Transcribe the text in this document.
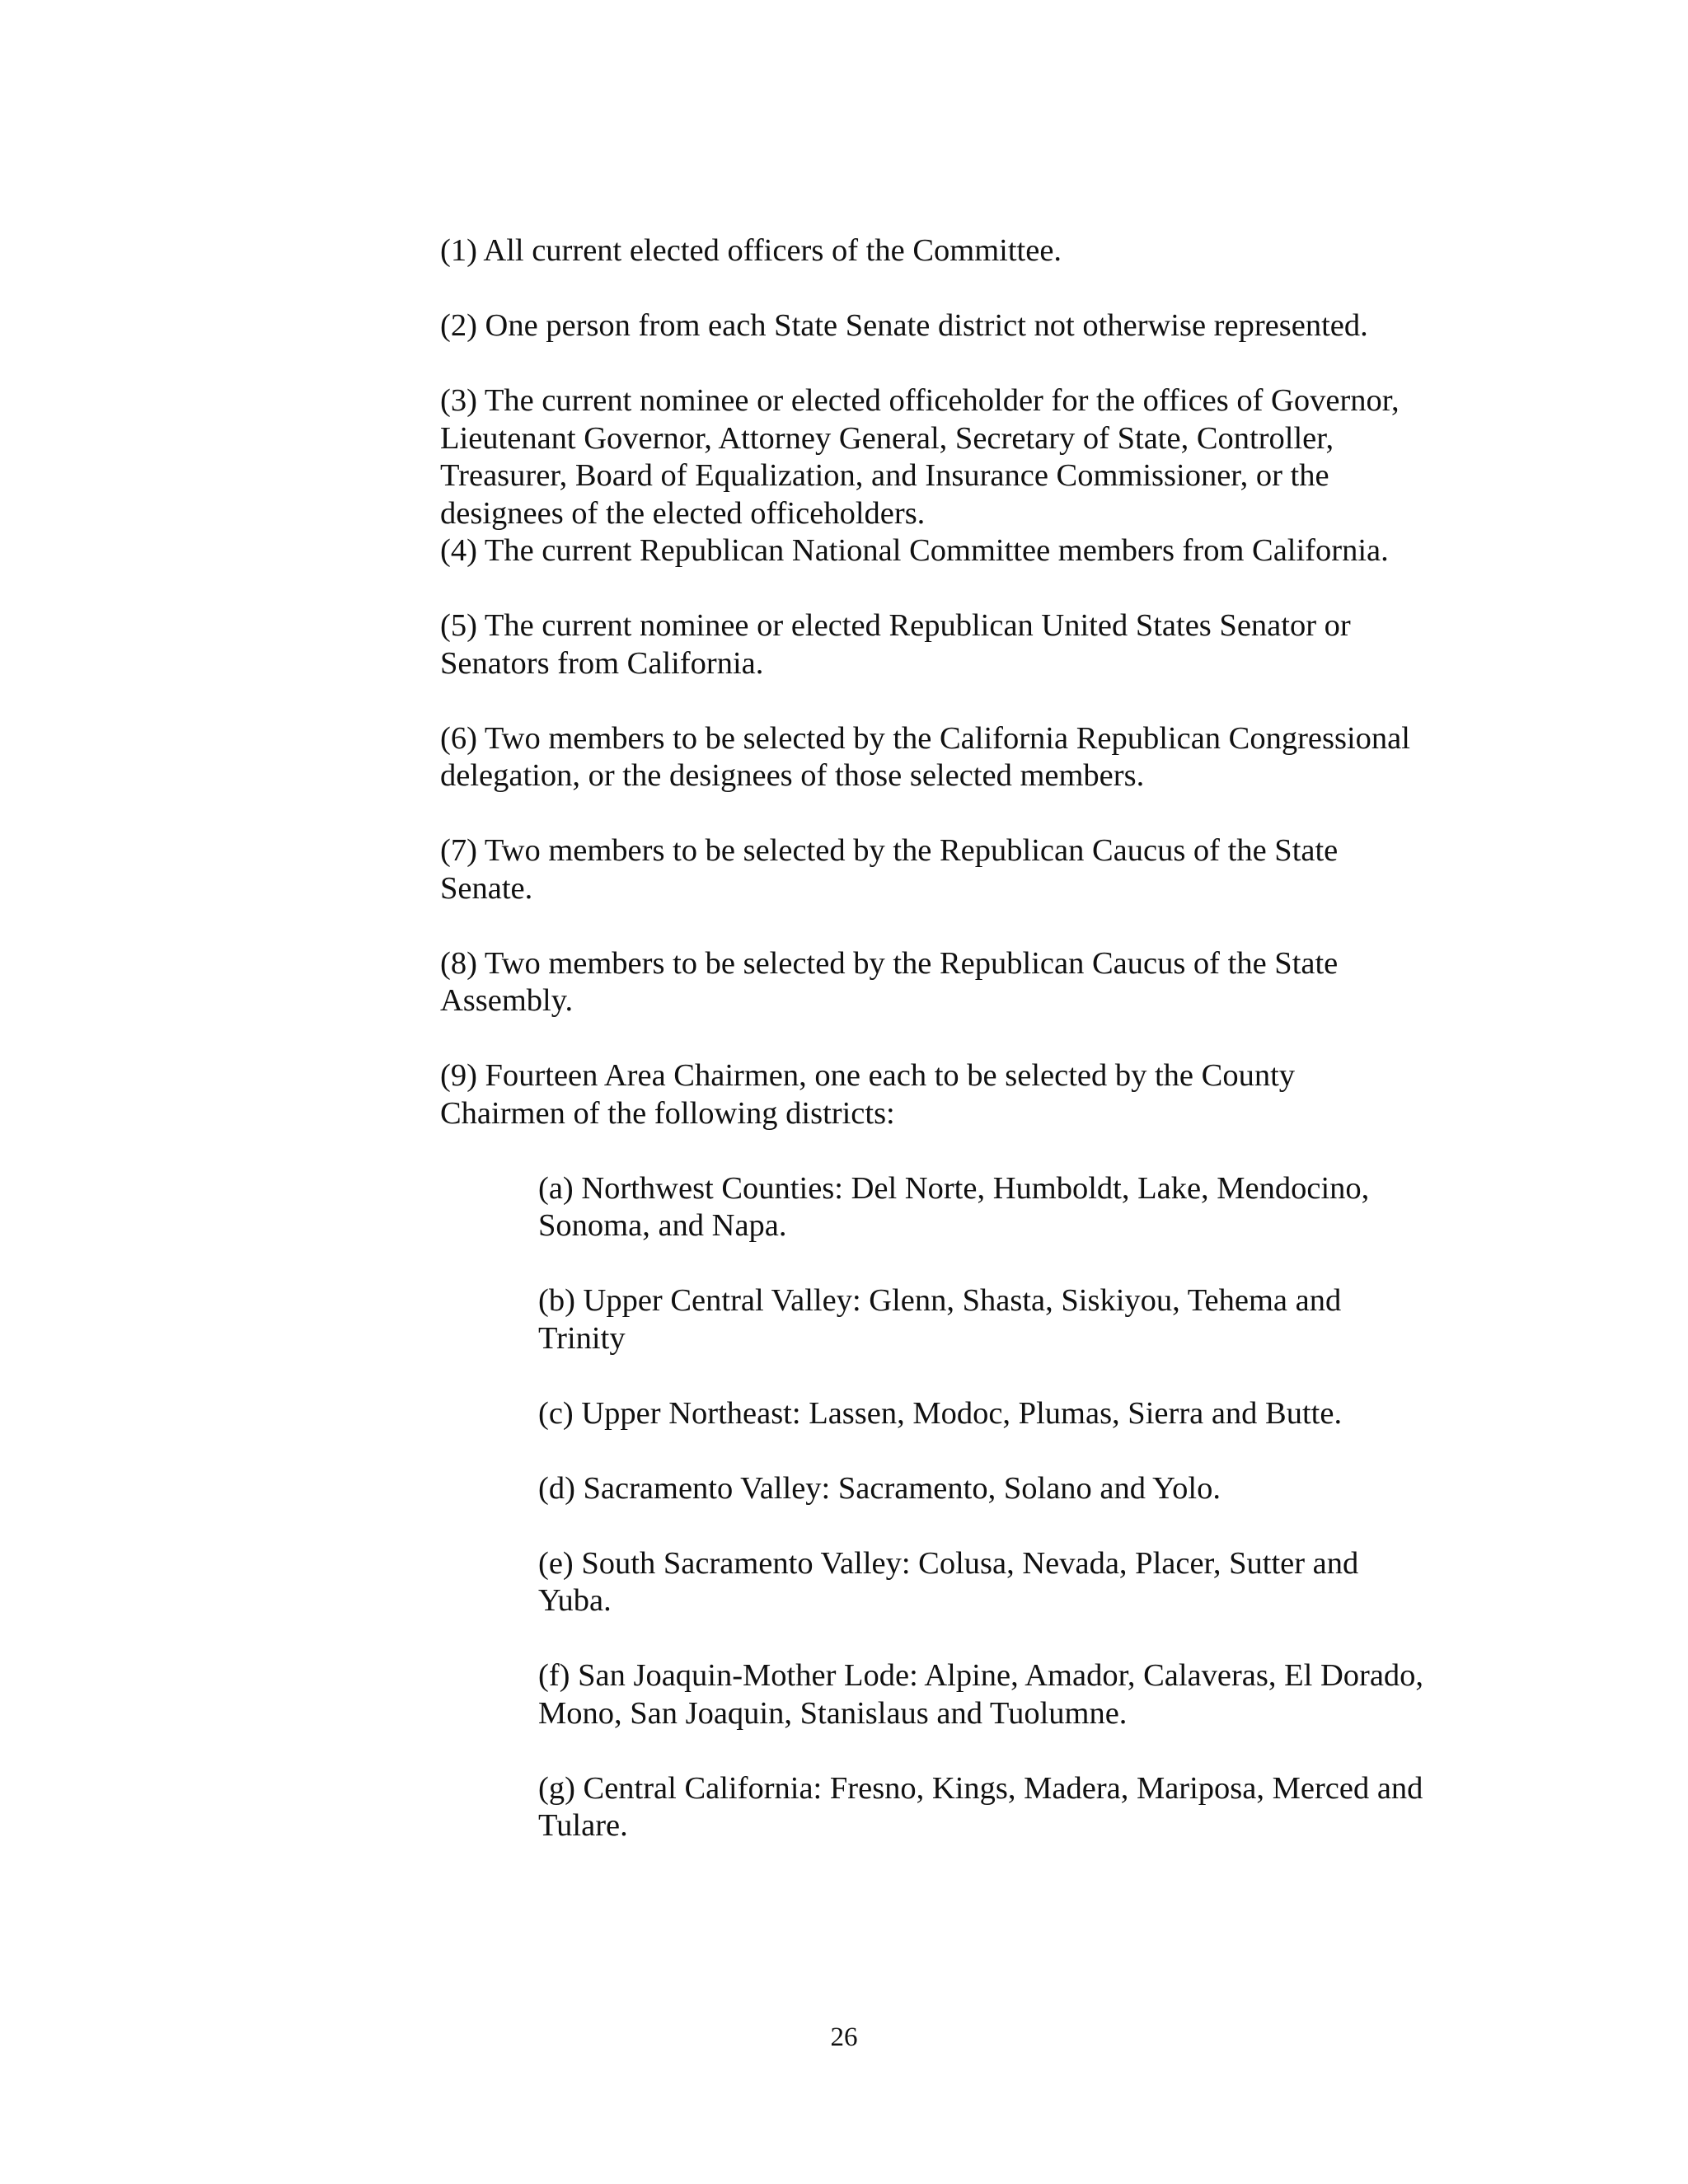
(1) All current elected officers of the Committee.

(2) One person from each State Senate district not otherwise represented.

(3) The current nominee or elected officeholder for the offices of Governor, Lieutenant Governor, Attorney General, Secretary of State, Controller, Treasurer, Board of Equalization, and Insurance Commissioner, or the designees of the elected officeholders.

(4) The current Republican National Committee members from California.

(5) The current nominee or elected Republican United States Senator or Senators from California.

(6) Two members to be selected by the California Republican Congressional delegation, or the designees of those selected members.

(7) Two members to be selected by the Republican Caucus of the State Senate.

(8) Two members to be selected by the Republican Caucus of the State Assembly.

(9) Fourteen Area Chairmen, one each to be selected by the County Chairmen of the following districts:

(a) Northwest Counties: Del Norte, Humboldt, Lake, Mendocino, Sonoma, and Napa.

(b) Upper Central Valley: Glenn, Shasta, Siskiyou, Tehema and Trinity

(c) Upper Northeast: Lassen, Modoc, Plumas, Sierra and Butte.

(d) Sacramento Valley: Sacramento, Solano and Yolo.

(e) South Sacramento Valley: Colusa, Nevada, Placer, Sutter and Yuba.

(f) San Joaquin-Mother Lode: Alpine, Amador, Calaveras, El Dorado, Mono, San Joaquin, Stanislaus and Tuolumne.

(g) Central California: Fresno, Kings, Madera, Mariposa, Merced and Tulare.

26
